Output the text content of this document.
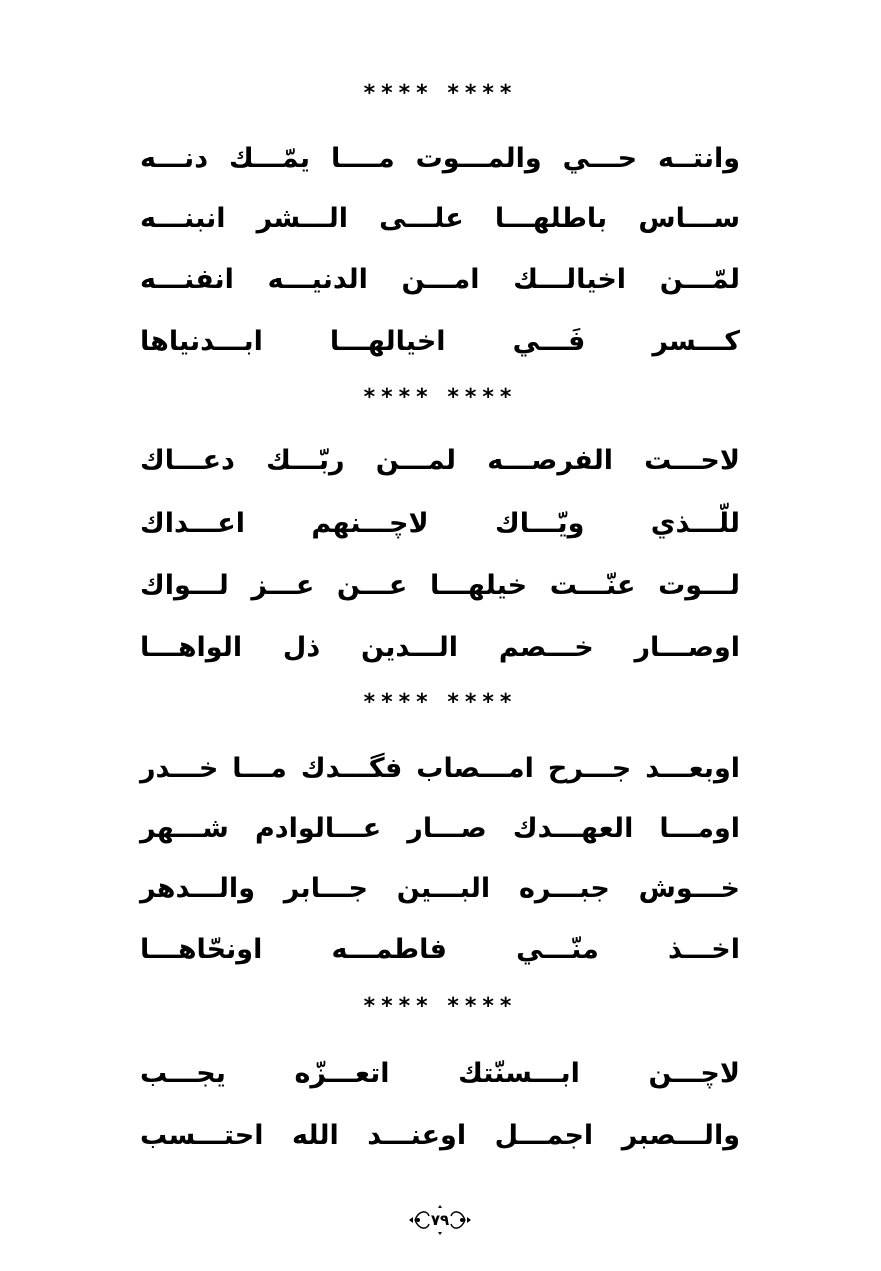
**** ****
وانتــه حـــي والمـــوت مــــا يمّـــك دنـــه
ســـاس باطلهـــا علـــى الـــشر انبنـــه
لمّـــن اخيالـــك امـــن الدنيـــه انفنـــه
كـــسر فَـــي اخيالهـــا ابـــدنياها
**** ****
لاحـــت الفرصـــه لمـــن ربّـــك دعـــاك
للّـــذي ويّـــاك لاچـــنهم اعـــداك
لـــوت عنّـــت خيلهـــا عـــن عـــز لـــواك
اوصـــار خـــصم الـــدين ذل الواهـــا
**** ****
اوبعـــد جـــرح امـــصاب فگـــدك مـــا خـــدر
اومـــا العهـــدك صـــار عـــالوادم شـــهر
خـــوش جبـــره البـــين جـــابر والـــدهر
اخـــذ منّـــي فاطمـــه اونحّاهـــا
**** ****
لاچـــن ابـــسنّتك اتعـــزّه يجـــب
والـــصبر اجمـــل اوعنـــد الله احتـــسب
٧٩
